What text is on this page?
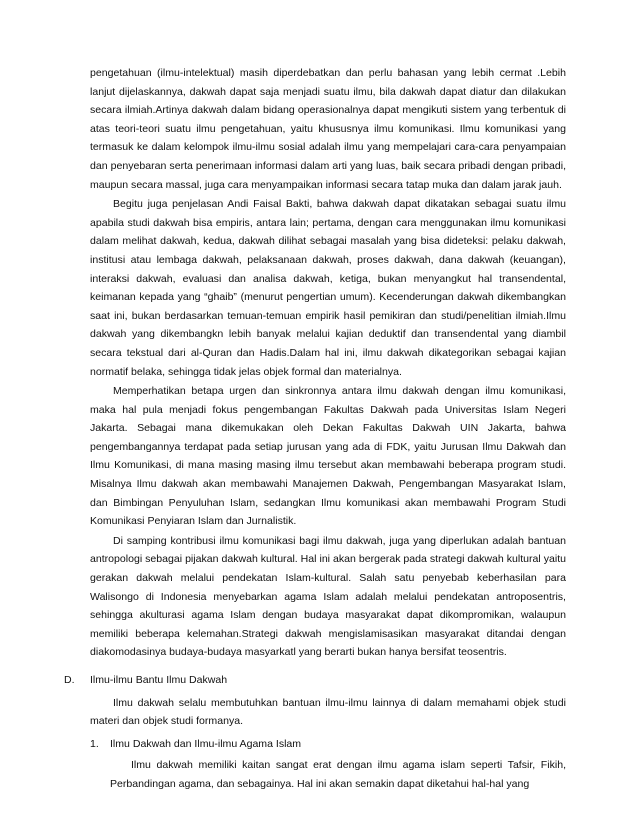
pengetahuan (ilmu-intelektual) masih diperdebatkan dan perlu bahasan yang lebih cermat .Lebih lanjut dijelaskannya, dakwah dapat saja menjadi suatu ilmu, bila dakwah dapat diatur dan dilakukan secara ilmiah.Artinya dakwah dalam bidang operasionalnya dapat mengikuti sistem yang terbentuk di atas teori-teori suatu ilmu pengetahuan, yaitu khususnya ilmu komunikasi. Ilmu komunikasi yang termasuk ke dalam kelompok ilmu-ilmu sosial adalah ilmu yang mempelajari cara-cara penyampaian dan penyebaran serta penerimaan informasi dalam arti yang luas, baik secara pribadi dengan pribadi, maupun secara massal, juga cara menyampaikan informasi secara tatap muka dan dalam jarak jauh.

Begitu juga penjelasan Andi Faisal Bakti, bahwa dakwah dapat dikatakan sebagai suatu ilmu apabila studi dakwah bisa empiris, antara lain; pertama, dengan cara menggunakan ilmu komunikasi dalam melihat dakwah, kedua, dakwah dilihat sebagai masalah yang bisa dideteksi: pelaku dakwah, institusi atau lembaga dakwah, pelaksanaan dakwah, proses dakwah, dana dakwah (keuangan), interaksi dakwah, evaluasi dan analisa dakwah, ketiga, bukan menyangkut hal transendental, keimanan kepada yang “ghaib” (menurut pengertian umum). Kecenderungan dakwah dikembangkan saat ini, bukan berdasarkan temuan-temuan empirik hasil pemikiran dan studi/penelitian ilmiah.Ilmu dakwah yang dikembangkn lebih banyak melalui kajian deduktif dan transendental yang diambil secara tekstual dari al-Quran dan Hadis.Dalam hal ini, ilmu dakwah dikategorikan sebagai kajian normatif belaka, sehingga tidak jelas objek formal dan materialnya.

Memperhatikan betapa urgen dan sinkronnya antara ilmu dakwah dengan ilmu komunikasi, maka hal pula menjadi fokus pengembangan Fakultas Dakwah pada Universitas Islam Negeri Jakarta. Sebagai mana dikemukakan oleh Dekan Fakultas Dakwah UIN Jakarta, bahwa pengembangannya terdapat pada setiap jurusan yang ada di FDK, yaitu Jurusan Ilmu Dakwah dan Ilmu Komunikasi, di mana masing masing ilmu tersebut akan membawahi beberapa program studi. Misalnya Ilmu dakwah akan membawahi Manajemen Dakwah, Pengembangan Masyarakat Islam, dan Bimbingan Penyuluhan Islam, sedangkan Ilmu komunikasi akan membawahi Program Studi Komunikasi Penyiaran Islam dan Jurnalistik.

Di samping kontribusi ilmu komunikasi bagi ilmu dakwah, juga yang diperlukan adalah bantuan antropologi sebagai pijakan dakwah kultural. Hal ini akan bergerak pada strategi dakwah kultural yaitu gerakan dakwah melalui pendekatan Islam-kultural. Salah satu penyebab keberhasilan para Walisongo di Indonesia menyebarkan agama Islam adalah melalui pendekatan antroposentris, sehingga akulturasi agama Islam dengan budaya masyarakat dapat dikompromikan, walaupun memiliki beberapa kelemahan.Strategi dakwah mengislamisasikan masyarakat ditandai dengan diakomodasinya budaya-budaya masyarkatl yang berarti bukan hanya bersifat teosentris.

D. Ilmu-ilmu Bantu Ilmu Dakwah

Ilmu dakwah selalu membutuhkan bantuan ilmu-ilmu lainnya di dalam memahami objek studi materi dan objek studi formanya.

1. Ilmu Dakwah dan Ilmu-ilmu Agama Islam

Ilmu dakwah memiliki kaitan sangat erat dengan ilmu agama islam seperti Tafsir, Fikih, Perbandingan agama, dan sebagainya. Hal ini akan semakin dapat diketahui hal-hal yang
